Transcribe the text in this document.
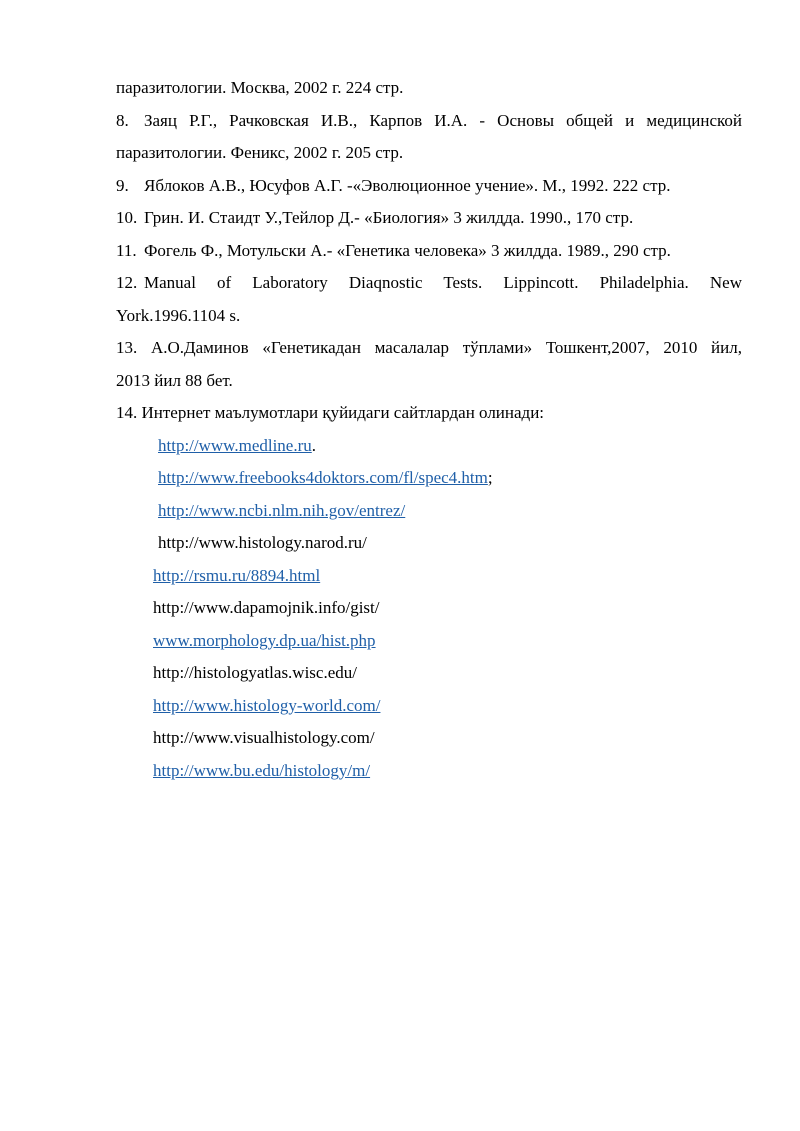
паразитологии. Москва, 2002 г. 224 стр.
8. Заяц Р.Г., Рачковская И.В., Карпов И.А. - Основы общей и медицинской
паразитологии. Феникс, 2002 г. 205 стр.
9. Яблоков А.В., Юсуфов А.Г. -«Эволюционное учение». М., 1992. 222 стр.
10. Грин. И. Стаидт У.,Тейлор Д.- «Биология» 3 жилдда. 1990., 170 стр.
11. Фогель Ф., Мотульски А.- «Генетика человека» 3 жилдда. 1989., 290 стр.
12. Manual of Laboratory Diaqnostic Tests. Lippincott. Philadelphia. New
York.1996.1104 s.
13. А.О.Даминов «Генетикадан масалалар тўплами» Тошкент,2007, 2010 йил,
2013 йил 88 бет.
14. Интернет маълумотлари қуйидаги сайтлардан олинади:
http://www.medline.ru.
http://www.freebooks4doktors.com/fl/spec4.htm;
http://www.ncbi.nlm.nih.gov/entrez/
http://www.histology.narod.ru/
http://rsmu.ru/8894.html
http://www.dapamojnik.info/gist/
www.morphology.dp.ua/hist.php
http://histologyatlas.wisc.edu/
http://www.histology-world.com/
http://www.visualhistology.com/
http://www.bu.edu/histology/m/
